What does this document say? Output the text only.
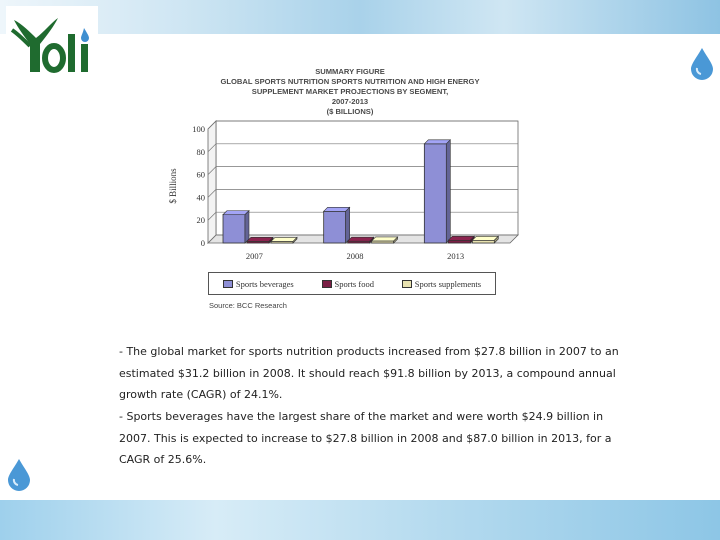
SUMMARY FIGURE
GLOBAL SPORTS NUTRITION SPORTS NUTRITION AND HIGH ENERGY
SUPPLEMENT MARKET PROJECTIONS BY SEGMENT,
2007-2013
($ BILLIONS)
0
20
40
60
80
100
$ Billions
2007	2008	2013
Sports beverages	Sports food	Sports supplements
Source: BCC Research

- The global market for sports nutrition products increased from $27.8 billion in 2007 to an estimated $31.2 billion in 2008. It should reach $91.8 billion by 2013, a compound annual growth rate (CAGR) of 24.1%.

- Sports beverages have the largest share of the market and were worth $24.9 billion in 2007. This is expected to increase to $27.8 billion in 2008 and $87.0 billion in 2013, for a CAGR of 25.6%.
